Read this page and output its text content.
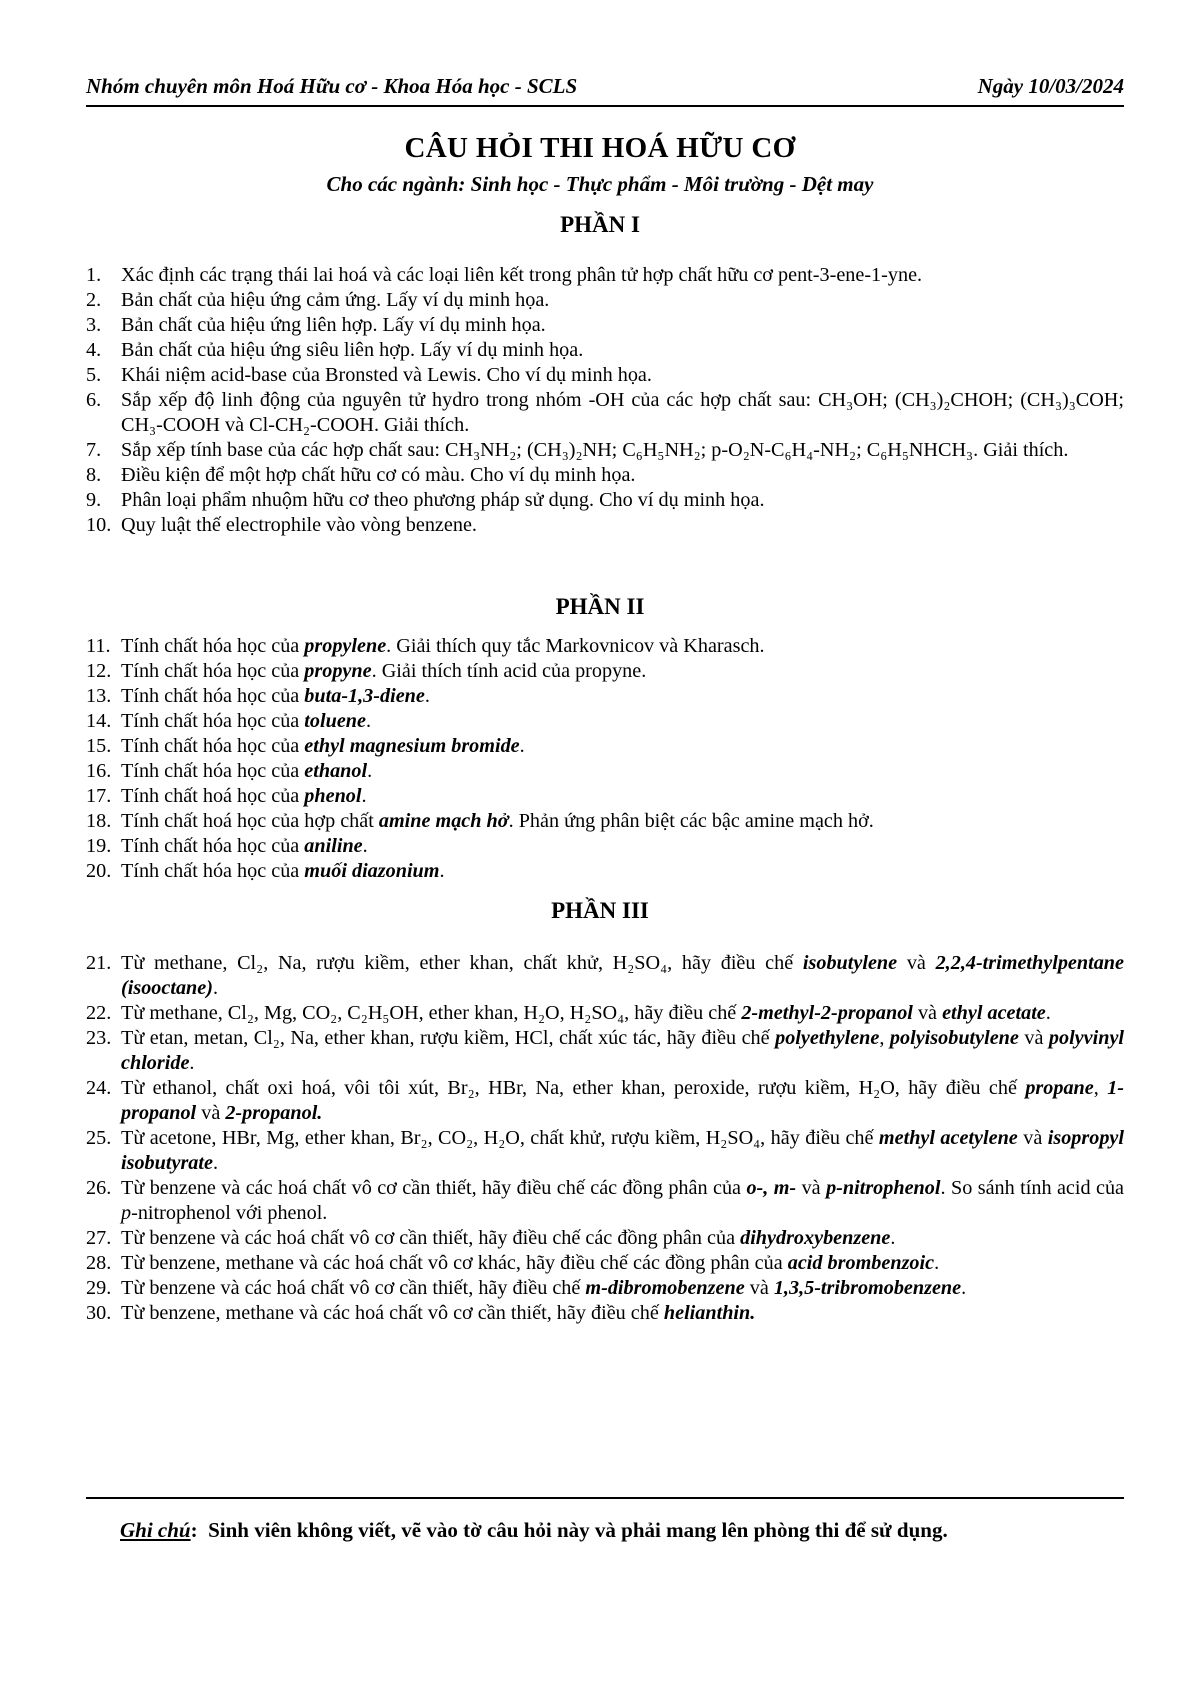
Nhóm chuyên môn Hoá Hữu cơ - Khoa Hóa học - SCLS	Ngày 10/03/2024
CÂU HỎI THI HOÁ HỮU CƠ
Cho các ngành: Sinh học - Thực phẩm - Môi trường - Dệt may
PHẦN I
1. Xác định các trạng thái lai hoá và các loại liên kết trong phân tử hợp chất hữu cơ pent-3-ene-1-yne.
2. Bản chất của hiệu ứng cảm ứng. Lấy ví dụ minh họa.
3. Bản chất của hiệu ứng liên hợp. Lấy ví dụ minh họa.
4. Bản chất của hiệu ứng siêu liên hợp. Lấy ví dụ minh họa.
5. Khái niệm acid-base của Bronsted và Lewis. Cho ví dụ minh họa.
6. Sắp xếp độ linh động của nguyên tử hydro trong nhóm -OH của các hợp chất sau: CH₃OH; (CH₃)₂CHOH; (CH₃)₃COH; CH₃-COOH và Cl-CH₂-COOH. Giải thích.
7. Sắp xếp tính base của các hợp chất sau: CH₃NH₂; (CH₃)₂NH; C₆H₅NH₂; p-O₂N-C₆H₄-NH₂; C₆H₅NHCH₃. Giải thích.
8. Điều kiện để một hợp chất hữu cơ có màu. Cho ví dụ minh họa.
9. Phân loại phẩm nhuộm hữu cơ theo phương pháp sử dụng. Cho ví dụ minh họa.
10. Quy luật thế electrophile vào vòng benzene.
PHẦN II
11. Tính chất hóa học của propylene. Giải thích quy tắc Markovnicov và Kharasch.
12. Tính chất hóa học của propyne. Giải thích tính acid của propyne.
13. Tính chất hóa học của buta-1,3-diene.
14. Tính chất hóa học của toluene.
15. Tính chất hóa học của ethyl magnesium bromide.
16. Tính chất hóa học của ethanol.
17. Tính chất hoá học của phenol.
18. Tính chất hoá học của hợp chất amine mạch hở. Phản ứng phân biệt các bậc amine mạch hở.
19. Tính chất hóa học của aniline.
20. Tính chất hóa học của muối diazonium.
PHẦN III
21. Từ methane, Cl₂, Na, rượu kiềm, ether khan, chất khử, H₂SO₄, hãy điều chế isobutylene và 2,2,4-trimethylpentane (isooctane).
22. Từ methane, Cl₂, Mg, CO₂, C₂H₅OH, ether khan, H₂O, H₂SO₄, hãy điều chế 2-methyl-2-propanol và ethyl acetate.
23. Từ etan, metan, Cl₂, Na, ether khan, rượu kiềm, HCl, chất xúc tác, hãy điều chế polyethylene, polyisobutylene và polyvinyl chloride.
24. Từ ethanol, chất oxi hoá, vôi tôi xút, Br₂, HBr, Na, ether khan, peroxide, rượu kiềm, H₂O, hãy điều chế propane, 1-propanol và 2-propanol.
25. Từ acetone, HBr, Mg, ether khan, Br₂, CO₂, H₂O, chất khử, rượu kiềm, H₂SO₄, hãy điều chế methyl acetylene và isopropyl isobutyrate.
26. Từ benzene và các hoá chất vô cơ cần thiết, hãy điều chế các đồng phân của o-, m- và p-nitrophenol. So sánh tính acid của p-nitrophenol với phenol.
27. Từ benzene và các hoá chất vô cơ cần thiết, hãy điều chế các đồng phân của dihydroxybenzene.
28. Từ benzene, methane và các hoá chất vô cơ khác, hãy điều chế các đồng phân của acid brombenzoic.
29. Từ benzene và các hoá chất vô cơ cần thiết, hãy điều chế m-dibromobenzene và 1,3,5-tribromobenzene.
30. Từ benzene, methane và các hoá chất vô cơ cần thiết, hãy điều chế helianthin.
Ghi chú: Sinh viên không viết, vẽ vào tờ câu hỏi này và phải mang lên phòng thi để sử dụng.
